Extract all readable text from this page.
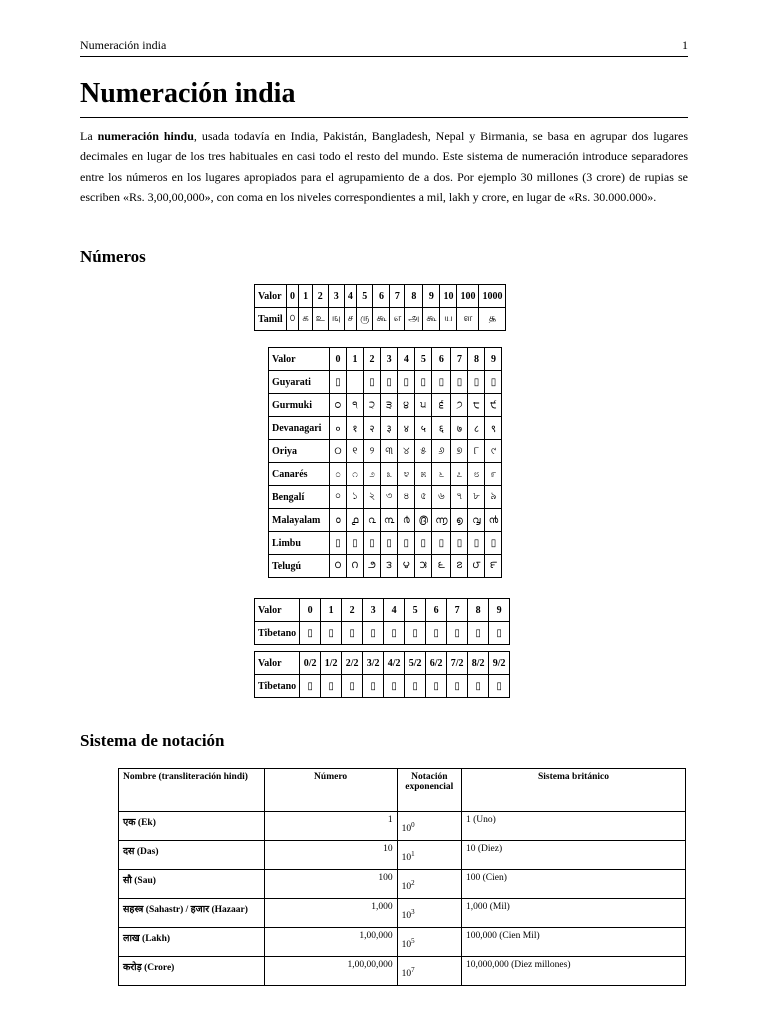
Numeración india	1
Numeración india

La numeración hindu, usada todavía en India, Pakistán, Bangladesh, Nepal y Birmania, se basa en agrupar dos lugares decimales en lugar de los tres habituales en casi todo el resto del mundo. Este sistema de numeración introduce separadores entre los números en los lugares apropiados para el agrupamiento de a dos. Por ejemplo 30 millones (3 crore) de rupias se escriben «Rs. 3,00,00,000», con coma en los niveles correspondientes a mil, lakh y crore, en lugar de «Rs. 30.000.000».

Números
Valor	0	1	2	3	4	5	6	7	8	9	10	100	1000
Tamil	௦	க	உ	ஙு	ச	ரு	கூ	எ	அ	கூ	ய	ள	௲
Valor	0	1	2	3	4	5	6	7	8	9
Guyarati	▯		▯	▯	▯	▯	▯	▯	▯	▯
Gurmuki	੦	੧	੨	੩	੪	੫	੬	੭	੮	੯
Devanagari	०	१	२	३	४	५	६	७	८	९
Oriya	୦	୧	୨	୩	୪	୫	୬	୭	୮	୯
Canarés	೦	೧	೨	೩	೪	೫	೬	೭	೮	೯
Bengalí	০	১	২	৩	৪	৫	৬	৭	৮	৯
Malayalam	൦	൧	൨	൩	൪	൫	൬	൭	൮	൯
Limbu	▯	▯	▯	▯	▯	▯	▯	▯	▯	▯
Telugú	౦	౧	౨	౩	౪	౫	౬	౭	౮	౯
Valor	0	1	2	3	4	5	6	7	8	9
Tibetano	▯	▯	▯	▯	▯	▯	▯	▯	▯	▯

Valor	0/2	1/2	2/2	3/2	4/2	5/2	6/2	7/2	8/2	9/2
Tibetano	▯	▯	▯	▯	▯	▯	▯	▯	▯	▯
Sistema de notación
Nombre (transliteración hindi)	Número	Notación exponencial	Sistema británico
एक (Ek)	1	$10^0$	1 (Uno)
दस (Das)	10	$10^1$	10 (Diez)
सौ (Sau)	100	$10^2$	100 (Cien)
सहस्त्र (Sahastr) / हजार (Hazaar)	1,000	$10^3$	1,000 (Mil)
लाख (Lakh)	1,00,000	$10^5$	100,000 (Cien Mil)
करोड़ (Crore)	1,00,00,000	$10^7$	10,000,000 (Diez millones)
